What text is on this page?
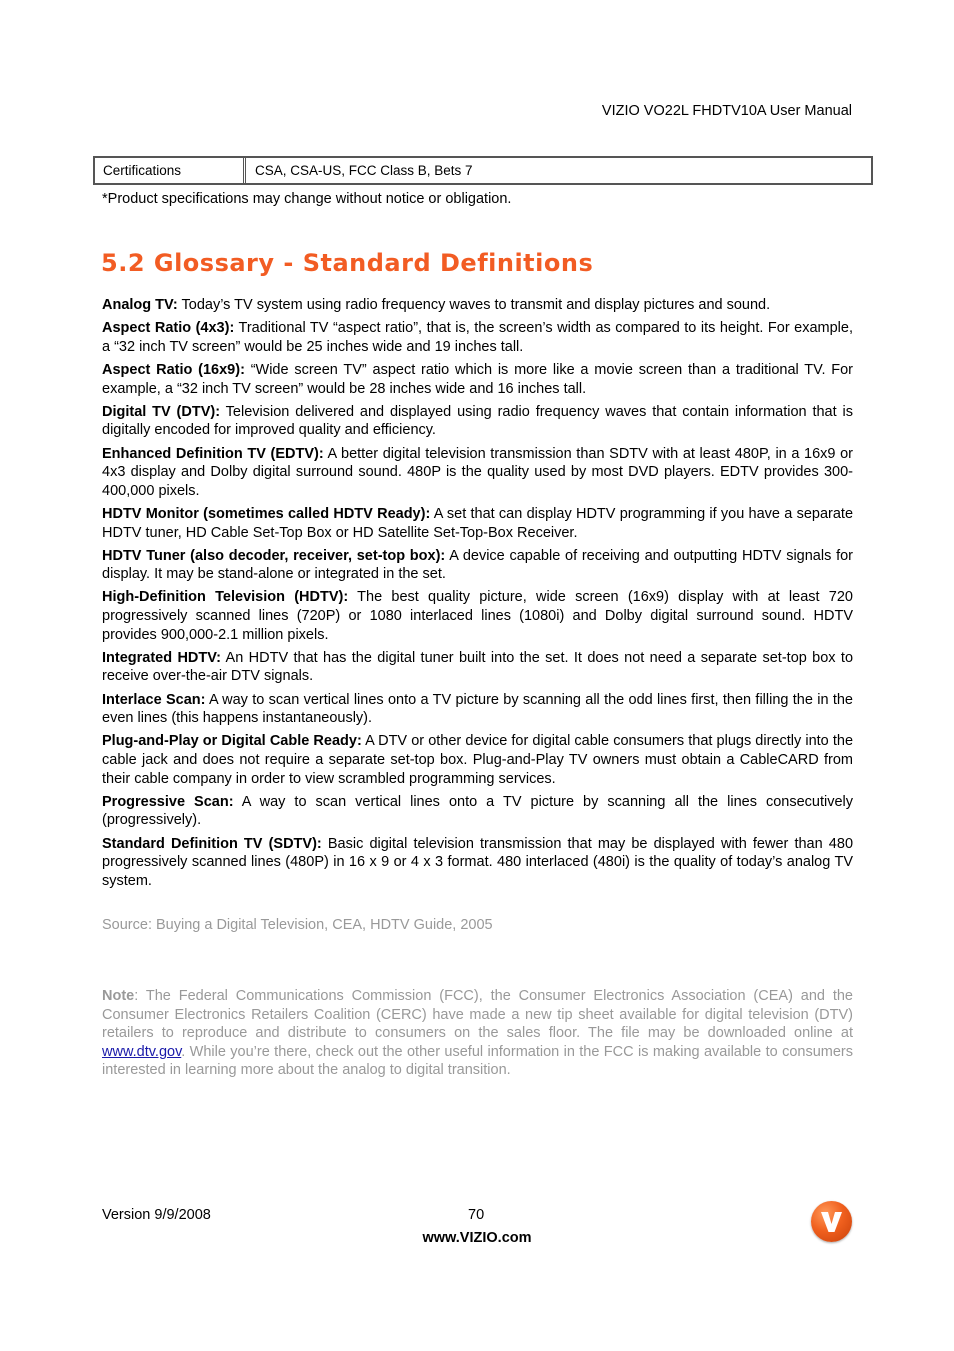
VIZIO VO22L FHDTV10A User Manual
Certifications	CSA, CSA-US, FCC Class B, Bets 7
*Product specifications may change without notice or obligation.
5.2 Glossary - Standard Definitions

Analog TV: Today’s TV system using radio frequency waves to transmit and display pictures and sound.

Aspect Ratio (4x3): Traditional TV “aspect ratio”, that is, the screen’s width as compared to its height. For example, a “32 inch TV screen” would be 25 inches wide and 19 inches tall.

Aspect Ratio (16x9): “Wide screen TV” aspect ratio which is more like a movie screen than a traditional TV. For example, a “32 inch TV screen” would be 28 inches wide and 16 inches tall.

Digital TV (DTV): Television delivered and displayed using radio frequency waves that contain information that is digitally encoded for improved quality and efficiency.

Enhanced Definition TV (EDTV): A better digital television transmission than SDTV with at least 480P, in a 16x9 or 4x3 display and Dolby digital surround sound. 480P is the quality used by most DVD players. EDTV provides 300-400,000 pixels.

HDTV Monitor (sometimes called HDTV Ready): A set that can display HDTV programming if you have a separate HDTV tuner, HD Cable Set-Top Box or HD Satellite Set-Top-Box Receiver.

HDTV Tuner (also decoder, receiver, set-top box): A device capable of receiving and outputting HDTV signals for display. It may be stand-alone or integrated in the set.

High-Definition Television (HDTV): The best quality picture, wide screen (16x9) display with at least 720 progressively scanned lines (720P) or 1080 interlaced lines (1080i) and Dolby digital surround sound. HDTV provides 900,000-2.1 million pixels.

Integrated HDTV: An HDTV that has the digital tuner built into the set. It does not need a separate set-top box to receive over-the-air DTV signals.

Interlace Scan: A way to scan vertical lines onto a TV picture by scanning all the odd lines first, then filling the in the even lines (this happens instantaneously).

Plug-and-Play or Digital Cable Ready: A DTV or other device for digital cable consumers that plugs directly into the cable jack and does not require a separate set-top box. Plug-and-Play TV owners must obtain a CableCARD from their cable company in order to view scrambled programming services.

Progressive Scan: A way to scan vertical lines onto a TV picture by scanning all the lines consecutively (progressively).

Standard Definition TV (SDTV): Basic digital television transmission that may be displayed with fewer than 480 progressively scanned lines (480P) in 16 x 9 or 4 x 3 format. 480 interlaced (480i) is the quality of today’s analog TV system.

Source: Buying a Digital Television, CEA, HDTV Guide, 2005
Note: The Federal Communications Commission (FCC), the Consumer Electronics Association (CEA) and the Consumer Electronics Retailers Coalition (CERC) have made a new tip sheet available for digital television (DTV) retailers to reproduce and distribute to consumers on the sales floor. The file may be downloaded online at www.dtv.gov. While you’re there, check out the other useful information in the FCC is making available to consumers interested in learning more about the analog to digital transition.
Version 9/9/2008	70
www.VIZIO.com
